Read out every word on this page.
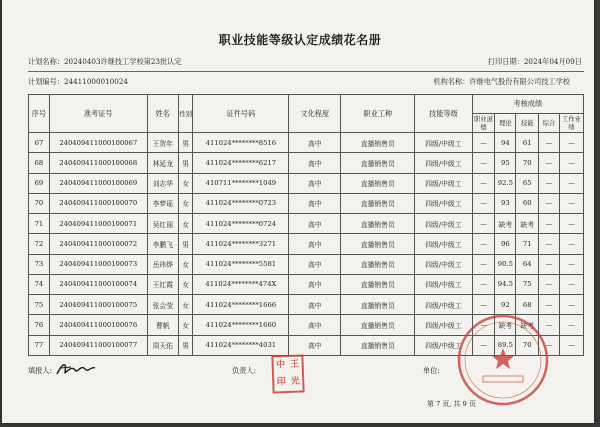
职业技能等级认定成绩花名册
计划名称：20240403许继技工学校第23批认定	打印日期：2024年04月09日
计划编号：24411000010024	机构名称：许继电气股份有限公司技工学校
序号	准考证号	姓名	性别	证件号码	文化程度	职业工种	技能等级	考核成绩				
								职业道德	理论	技能	综合	工作业绩
67	240409411000100067	王贺年	男	411024********8516	高中	直播销售员	四级/中级工	—	94	61	—	—
68	240409411000100068	林延龙	男	411024********6217	高中	直播销售员	四级/中级工	—	95	70	—	—
69	240409411000100069	刘志华	女	410711********1049	高中	直播销售员	四级/中级工	—	92.5	65	—	—
70	240409411000100070	李梦瑶	女	411024********0723	高中	直播销售员	四级/中级工	—	93	60	—	—
71	240409411000100071	吴红丽	女	411024********0724	高中	直播销售员	四级/中级工	—	缺考	缺考	—	—
72	240409411000100072	李鹏飞	男	411024********3271	高中	直播销售员	四级/中级工	—	96	71	—	—
73	240409411000100073	岳玮烨	女	411024********5581	高中	直播销售员	四级/中级工	—	90.5	64	—	—
74	240409411000100074	王红霞	女	411024********474X	高中	直播销售员	四级/中级工	—	94.5	75	—	—
75	240409411000100075	张会莹	女	411024********1666	高中	直播销售员	四级/中级工	—	92	68	—	—
76	240409411000100076	曹帆	女	411024********1660	高中	直播销售员	四级/中级工	—	缺考	缺考	—	—
77	240409411000100077	周天佑	男	411024********4031	高中	直播销售员	四级/中级工	—	89.5	70	—	—
填报人:	负责人:
中 王
印 光
单位:
第 7 页, 共 9 页
